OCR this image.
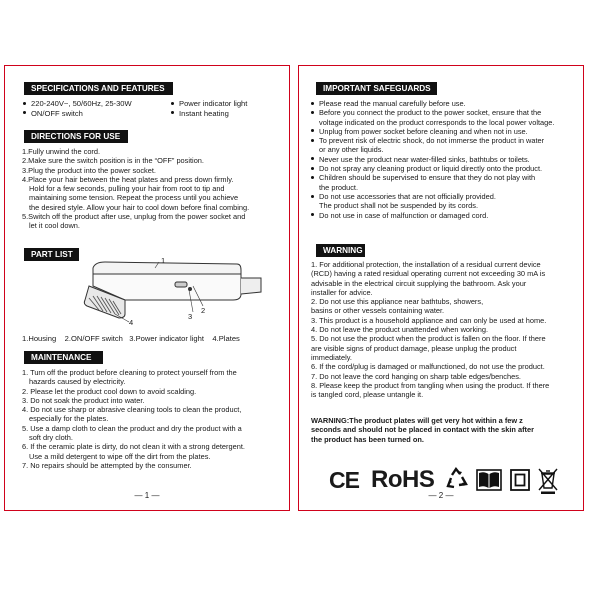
SPECIFICATIONS AND FEATURES
220-240V~, 50/60Hz, 25-30W
ON/OFF switch
Power indicator light
Instant heating
DIRECTIONS FOR USE
1.Fully unwind the cord.
2.Make sure the switch position is in the “OFF” position.
3.Plug the product into the power socket.
4.Place your hair between the heat plates and press down firmly.
Hold for a few seconds, pulling your hair from root to tip and
maintaining some tension. Repeat the process until you achieve
the desired style. Allow your hair to cool down before final combing.
5.Switch off the product after use, unplug from the power socket and
let it cool down.
PART LIST
1
2
3
4
1.Housing 2.ON/OFF switch 3.Power indicator light 4.Plates
MAINTENANCE
1. Turn off the product before cleaning to protect yourself from the
hazards caused by electricity.
2. Please let the product cool down to avoid scalding.
3. Do not soak the product into water.
4. Do not use sharp or abrasive cleaning tools to clean the product,
especially for the plates.
5. Use a damp cloth to clean the product and dry the product with a
soft dry cloth.
6. If the ceramic plate is dirty, do not clean it with a strong detergent.
Use a mild detergent to wipe off the dirt from the plates.
7. No repairs should be attempted by the consumer.
— 1 —
IMPORTANT SAFEGUARDS
Please read the manual carefully before use.
Before you connect the product to the power socket, ensure that the
voltage indicated on the product corresponds to the local power voltage.
Unplug from power socket before cleaning and when not in use.
To prevent risk of electric shock, do not immerse the product in water
or any other liquids.
Never use the product near water-filled sinks, bathtubs or toilets.
Do not spray any cleaning product or liquid directly onto the product.
Children should be supervised to ensure that they do not play with
the product.
Do not use accessories that are not officially provided.
The product shall not be suspended by its cords.
Do not use in case of malfunction or damaged cord.
WARNING
1. For additional protection, the installation of a residual current device
(RCD) having a rated residual operating current not exceeding 30 mA is
advisable in the electrical circuit supplying the bathroom. Ask your
installer for advice.
2. Do not use this appliance near bathtubs, showers,
basins or other vessels containing water.
3. This product is a household appliance and can only be used at home.
4. Do not leave the product unattended when working.
5. Do not use the product when the product is fallen on the floor. If there
are visible signs of product damage, please unplug the product
immediately.
6. If the cord/plug is damaged or malfunctioned, do not use the product.
7. Do not leave the cord hanging on sharp table edges/benches.
8. Please keep the product from tangling when using the product. If there
is tangled cord, please untangle it.
WARNING:The product plates will get very hot within a few z
seconds and should not be placed in contact with the skin after
the product has been turned on.
CE RoHS
— 2 —
